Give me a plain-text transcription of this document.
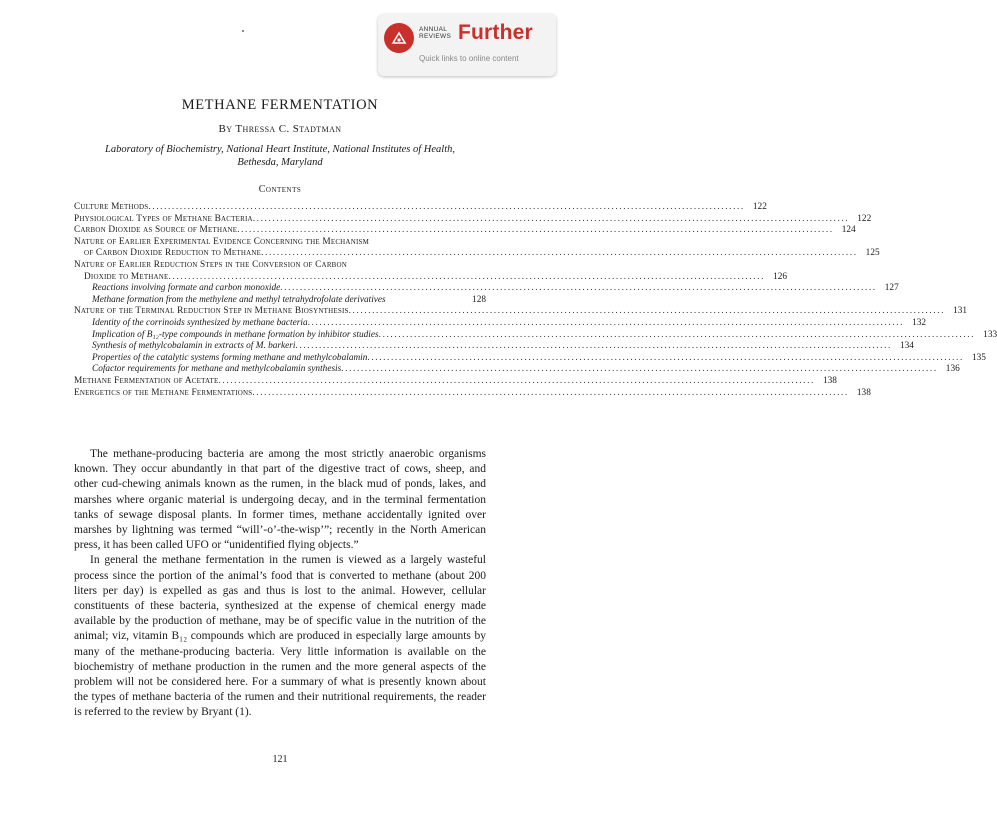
ANNUAL
REVIEWS Further
Quick links to online content
METHANE FERMENTATION
By Thressa C. Stadtman
Laboratory of Biochemistry, National Heart Institute, National Institutes of Health,
Bethesda, Maryland
Contents
Culture Methods .....	122
Physiological Types of Methane Bacteria .....	122
Carbon Dioxide as Source of Methane .....	124
Nature of Earlier Experimental Evidence Concerning the Mechanism
of Carbon Dioxide Reduction to Methane .....	125
Nature of Earlier Reduction Steps in the Conversion of Carbon
Dioxide to Methane .....	126
Reactions involving formate and carbon monoxide .....	127
Methane formation from the methylene and methyl tetrahydrofolate derivatives	128
Nature of the Terminal Reduction Step in Methane Biosynthesis .....	131
Identity of the corrinoids synthesized by methane bacteria .....	132
Implication of B₁₂-type compounds in methane formation by inhibitor studies .....	133
Synthesis of methylcobalamin in extracts of M. barkeri .....	134
Properties of the catalytic systems forming methane and methylcobalamin .....	135
Cofactor requirements for methane and methylcobalamin synthesis .....	136
Methane Fermentation of Acetate .....	138
Energetics of the Methane Fermentations .....	138

The methane-producing bacteria are among the most strictly anaerobic organisms known. They occur abundantly in that part of the digestive tract of cows, sheep, and other cud-chewing animals known as the rumen, in the black mud of ponds, lakes, and marshes where organic material is undergoing decay, and in the terminal fermentation tanks of sewage disposal plants. In former times, methane accidentally ignited over marshes by lightning was termed “will’-o’-the-wisp’”; recently in the North American press, it has been called UFO or “unidentified flying objects.”

In general the methane fermentation in the rumen is viewed as a largely wasteful process since the portion of the animal’s food that is converted to methane (about 200 liters per day) is expelled as gas and thus is lost to the animal. However, cellular constituents of these bacteria, synthesized at the expense of chemical energy made available by the production of methane, may be of specific value in the nutrition of the animal; viz, vitamin B₁₂ compounds which are produced in especially large amounts by many of the methane-producing bacteria. Very little information is available on the biochemistry of methane production in the rumen and the more general aspects of the problem will not be considered here. For a summary of what is presently known about the types of methane bacteria of the rumen and their nutritional requirements, the reader is referred to the review by Bryant (1).

121
